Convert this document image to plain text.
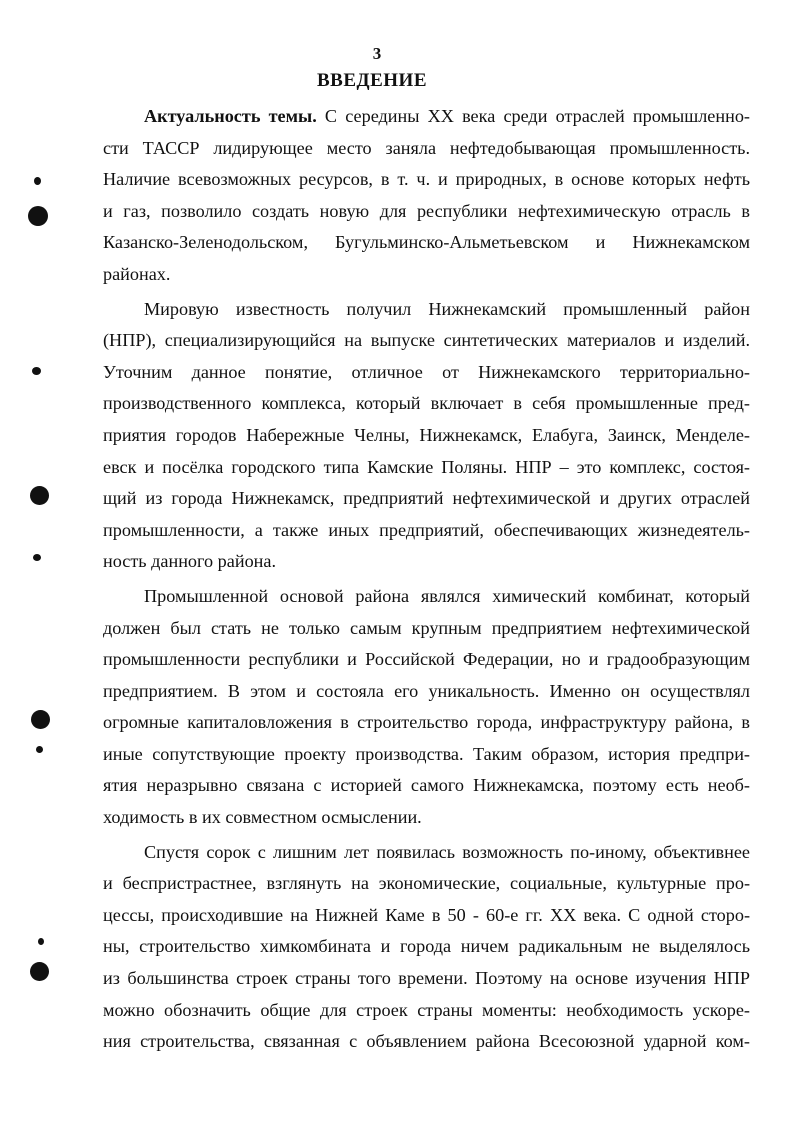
3
ВВЕДЕНИЕ
Актуальность темы. С середины XX века среди отраслей промышленно-
сти ТАССР лидирующее место заняла нефтедобывающая промышленность.
Наличие всевозможных ресурсов, в т. ч. и природных, в основе которых нефть
и газ, позволило создать новую для республики нефтехимическую отрасль в
Казанско-Зеленодольском, Бугульминско-Альметьевском и Нижнекамском
районах.
Мировую известность получил Нижнекамский промышленный район
(НПР), специализирующийся на выпуске синтетических материалов и изделий.
Уточним данное понятие, отличное от Нижнекамского территориально-
производственного комплекса, который включает в себя промышленные пред-
приятия городов Набережные Челны, Нижнекамск, Елабуга, Заинск, Менделе-
евск и посёлка городского типа Камские Поляны. НПР – это комплекс, состоя-
щий из города Нижнекамск, предприятий нефтехимической и других отраслей
промышленности, а также иных предприятий, обеспечивающих жизнедеятель-
ность данного района.
Промышленной основой района являлся химический комбинат, который
должен был стать не только самым крупным предприятием нефтехимической
промышленности республики и Российской Федерации, но и градообразующим
предприятием. В этом и состояла его уникальность. Именно он осуществлял
огромные капиталовложения в строительство города, инфраструктуру района, в
иные сопутствующие проекту производства. Таким образом, история предпри-
ятия неразрывно связана с историей самого Нижнекамска, поэтому есть необ-
ходимость в их совместном осмыслении.
Спустя сорок с лишним лет появилась возможность по-иному, объективнее
и беспристрастнее, взглянуть на экономические, социальные, культурные про-
цессы, происходившие на Нижней Каме в 50 - 60-е гг. XX века. С одной сторо-
ны, строительство химкомбината и города ничем радикальным не выделялось
из большинства строек страны того времени. Поэтому на основе изучения НПР
можно обозначить общие для строек страны моменты: необходимость ускоре-
ния строительства, связанная с объявлением района Всесоюзной ударной ком-
